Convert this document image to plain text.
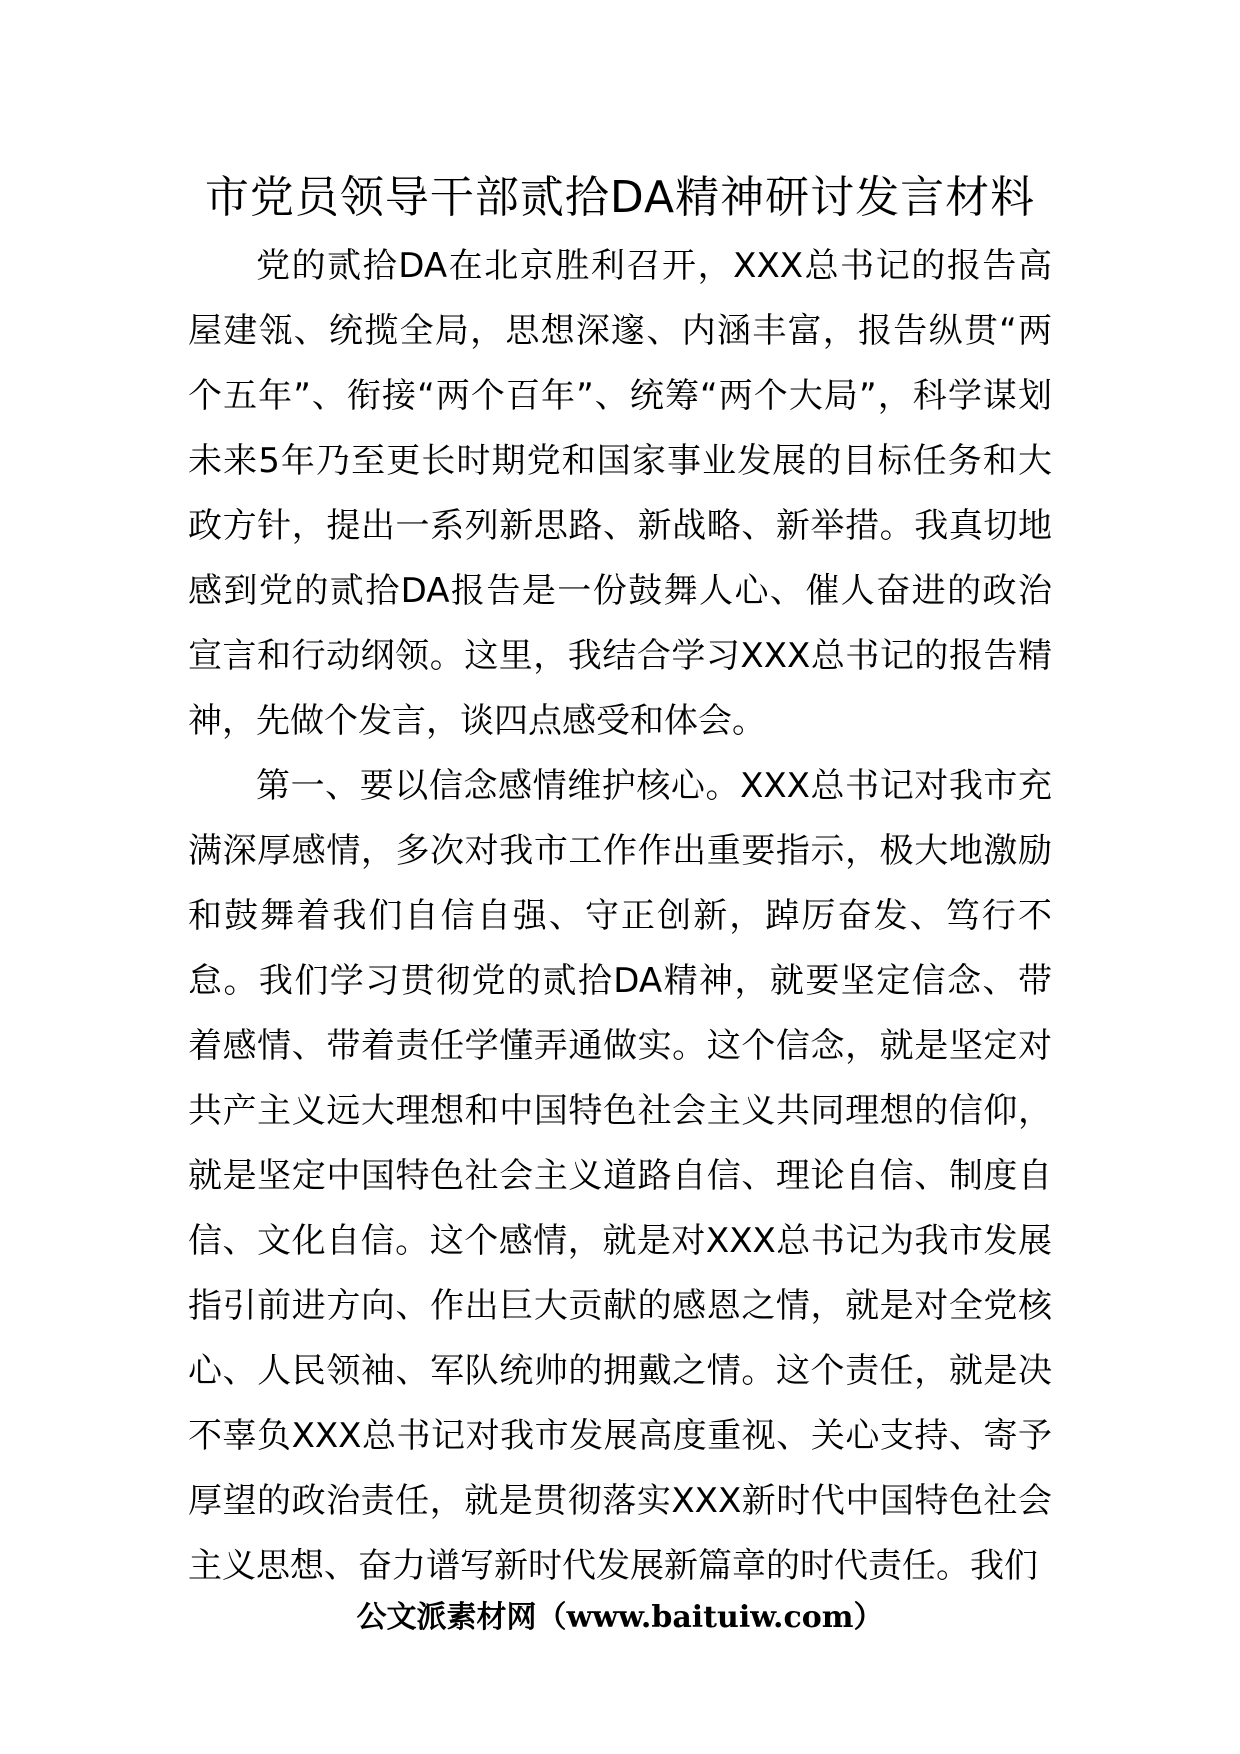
市党员领导干部贰拾DA精神研讨发言材料

党的贰拾DA在北京胜利召开，XXX总书记的报告高屋建瓴、统揽全局，思想深邃、内涵丰富，报告纵贯“两个五年”、衔接“两个百年”、统筹“两个大局”，科学谋划未来5年乃至更长时期党和国家事业发展的目标任务和大政方针，提出一系列新思路、新战略、新举措。我真切地感到党的贰拾DA报告是一份鼓舞人心、催人奋进的政治宣言和行动纲领。这里，我结合学习XXX总书记的报告精神，先做个发言，谈四点感受和体会。

第一、要以信念感情维护核心。XXX总书记对我市充满深厚感情，多次对我市工作作出重要指示，极大地激励和鼓舞着我们自信自强、守正创新，踔厉奋发、笃行不怠。我们学习贯彻党的贰拾DA精神，就要坚定信念、带着感情、带着责任学懂弄通做实。这个信念，就是坚定对共产主义远大理想和中国特色社会主义共同理想的信仰，就是坚定中国特色社会主义道路自信、理论自信、制度自信、文化自信。这个感情，就是对XXX总书记为我市发展指引前进方向、作出巨大贡献的感恩之情，就是对全党核心、人民领袖、军队统帅的拥戴之情。这个责任，就是决不辜负XXX总书记对我市发展高度重视、关心支持、寄予厚望的政治责任，就是贯彻落实XXX新时代中国特色社会主义思想、奋力谱写新时代发展新篇章的时代责任。我们

公文派素材网（www.baituiw.com）
